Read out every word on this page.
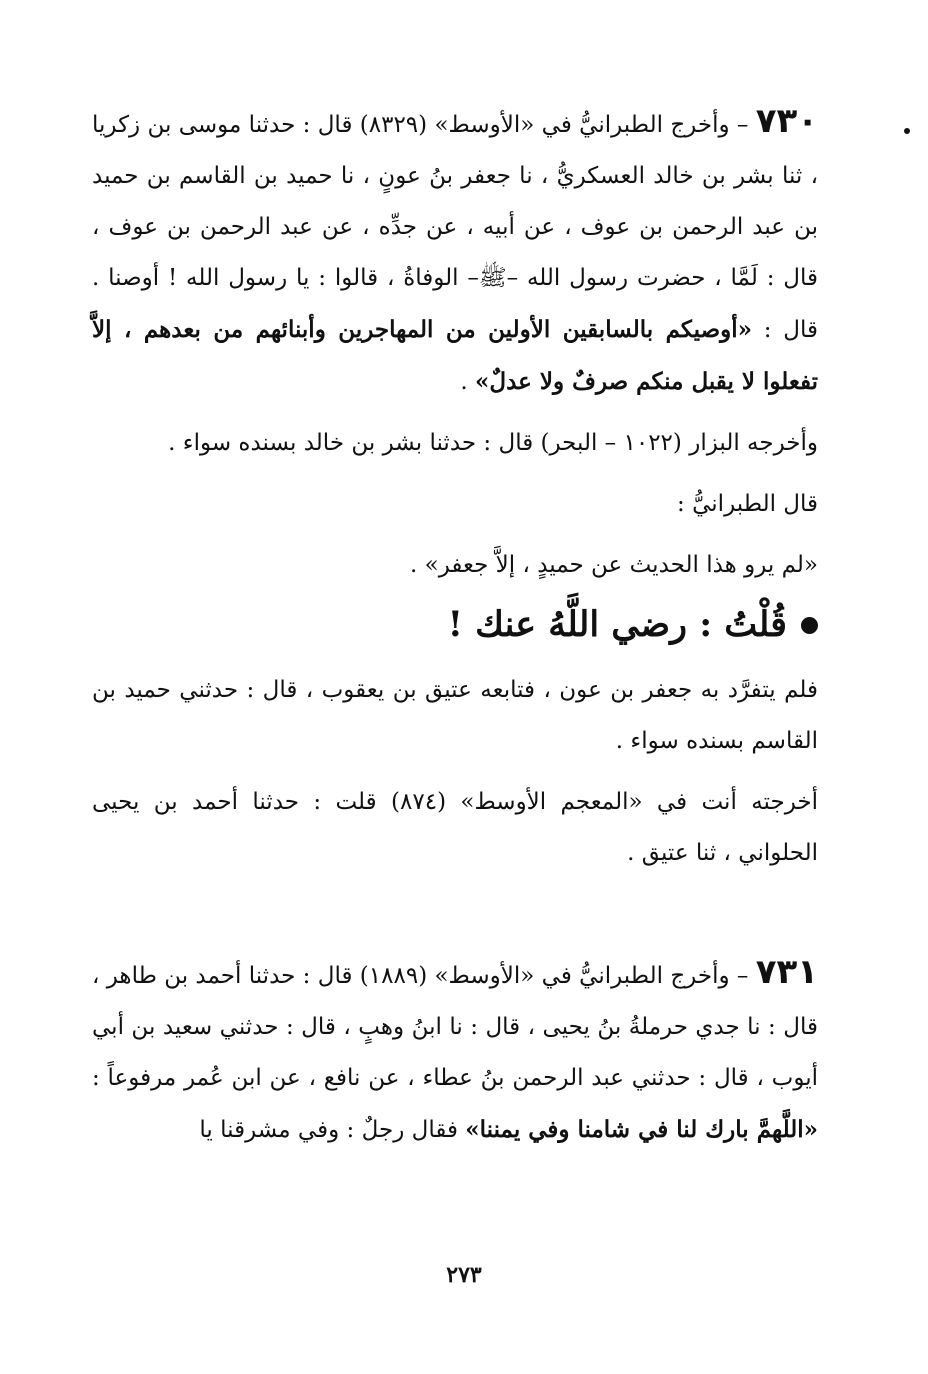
٧٣٠ – وأخرج الطبرانيُّ في «الأوسط» (٨٣٢٩) قال : حدثنا موسى بن زكريا ، ثنا بشر بن خالد العسكريُّ ، نا جعفر بنُ عونٍ ، نا حميد بن القاسم بن حميد بن عبد الرحمن بن عوف ، عن أبيه ، عن جدِّه ، عن عبد الرحمن بن عوف ، قال : لَمَّا ، حضرت رسول الله –ﷺ– الوفاةُ ، قالوا : يا رسول الله ! أوصنا . قال : «أوصيكم بالسابقين الأولين من المهاجرين وأبنائهم من بعدهم ، إلاَّ تفعلوا لا يقبل منكم صرفٌ ولا عدلٌ» .

وأخرجه البزار (١٠٢٢ – البحر) قال : حدثنا بشر بن خالد بسنده سواء .

قال الطبرانيُّ :

«لم يرو هذا الحديث عن حميدٍ ، إلاَّ جعفر» .

قُلْتُ : رضي اللَّهُ عنك !

فلم يتفرَّد به جعفر بن عون ، فتابعه عتيق بن يعقوب ، قال : حدثني حميد بن القاسم بسنده سواء .

أخرجته أنت في «المعجم الأوسط» (٨٧٤) قلت : حدثنا أحمد بن يحيى الحلواني ، ثنا عتيق .

٧٣١ – وأخرج الطبرانيُّ في «الأوسط» (١٨٨٩) قال : حدثنا أحمد بن طاهر ، قال : نا جدي حرملةُ بنُ يحيى ، قال : نا ابنُ وهبٍ ، قال : حدثني سعيد بن أبي أيوب ، قال : حدثني عبد الرحمن بنُ عطاء ، عن نافع ، عن ابن عُمر مرفوعاً : «اللَّهمَّ بارك لنا في شامنا وفي يمننا» فقال رجلٌ : وفي مشرقنا يا

٢٧٣
